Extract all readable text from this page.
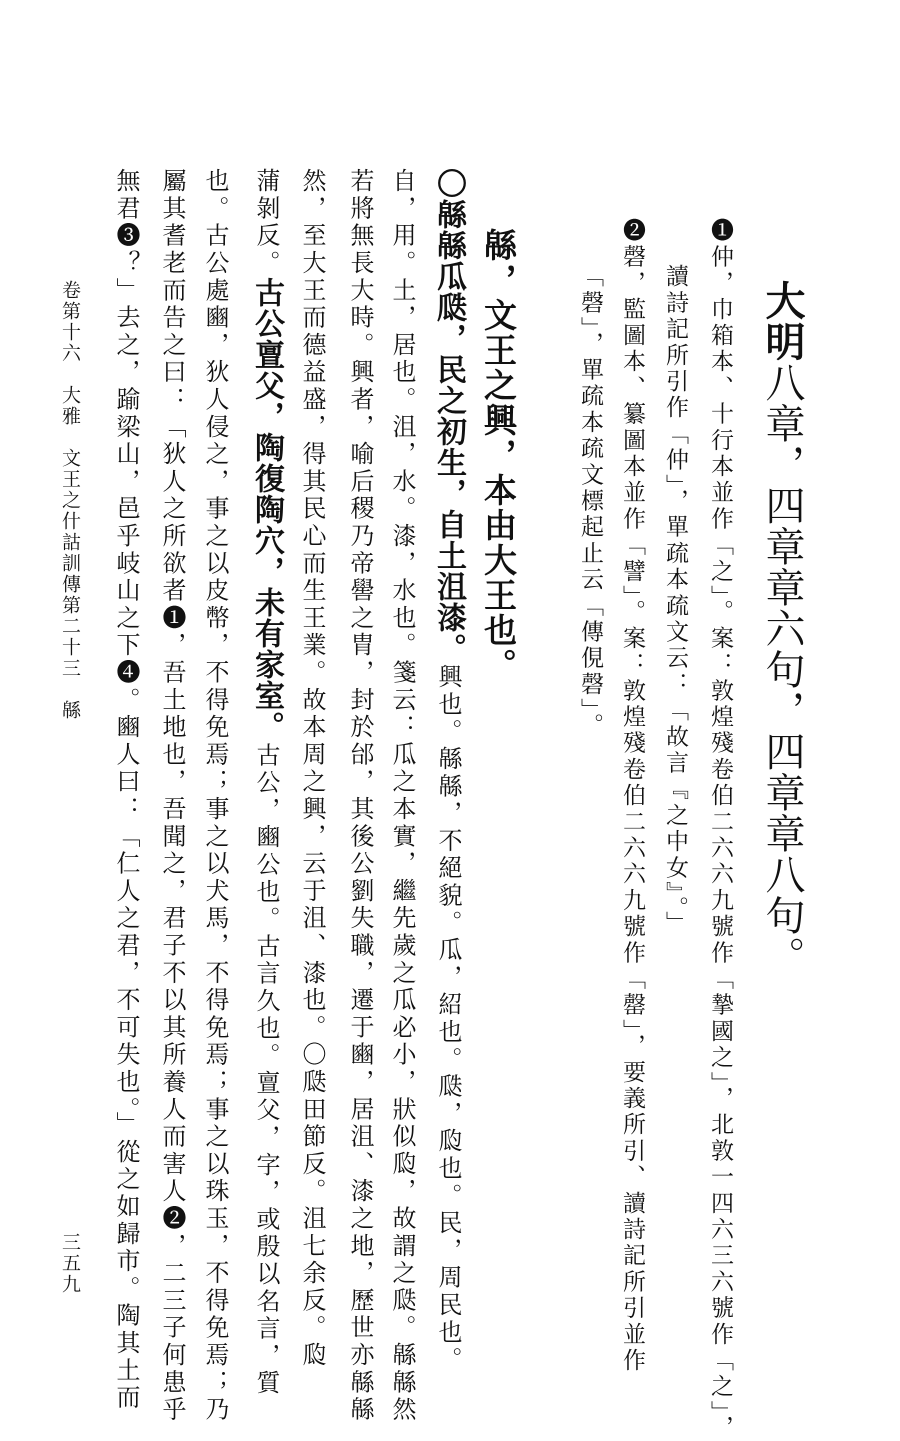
大明八章，四章章六句，四章章八句。
❶仲，巾箱本、十行本並作「之」。案：敦煌殘卷伯二六六九號作「摯國之」，北敦一四六三六號作「之」，
讀詩記所引作「仲」，單疏本疏文云：「故言『之中女』。」
❷磬，監圖本、纂圖本並作「譬」。案：敦煌殘卷伯二六六九號作「罄」，要義所引、讀詩記所引並作
「磬」，單疏本疏文標起止云「傳俔磬」。
緜，文王之興，本由大王也。
〇緜緜瓜瓞，民之初生，自土沮漆。興也。緜緜，不絕貌。瓜，紹也。瓞，瓝也。民，周民也。
自，用。土，居也。沮，水。漆，水也。箋云：瓜之本實，繼先歲之瓜必小，狀似瓝，故謂之瓞。緜緜然
若將無長大時。興者，喻后稷乃帝嚳之胄，封於邰，其後公劉失職，遷于豳，居沮、漆之地，歷世亦緜緜
然，至大王而德益盛，得其民心而生王業。故本周之興，云于沮、漆也。〇瓞田節反。沮七余反。瓝
蒲剝反。古公亶父，陶復陶穴，未有家室。古公，豳公也。古言久也。亶父，字，或殷以名言，質
也。古公處豳，狄人侵之，事之以皮幣，不得免焉；事之以犬馬，不得免焉；事之以珠玉，不得免焉；乃
屬其耆老而告之曰：「狄人之所欲者❶，吾土地也，吾聞之，君子不以其所養人而害人❷，二三子何患乎
無君❸？」去之，踰梁山，邑乎岐山之下❹。豳人曰：「仁人之君，不可失也。」從之如歸市。陶其土而
卷第十六　大雅　文王之什詁訓傳第二十三　緜
三五九
